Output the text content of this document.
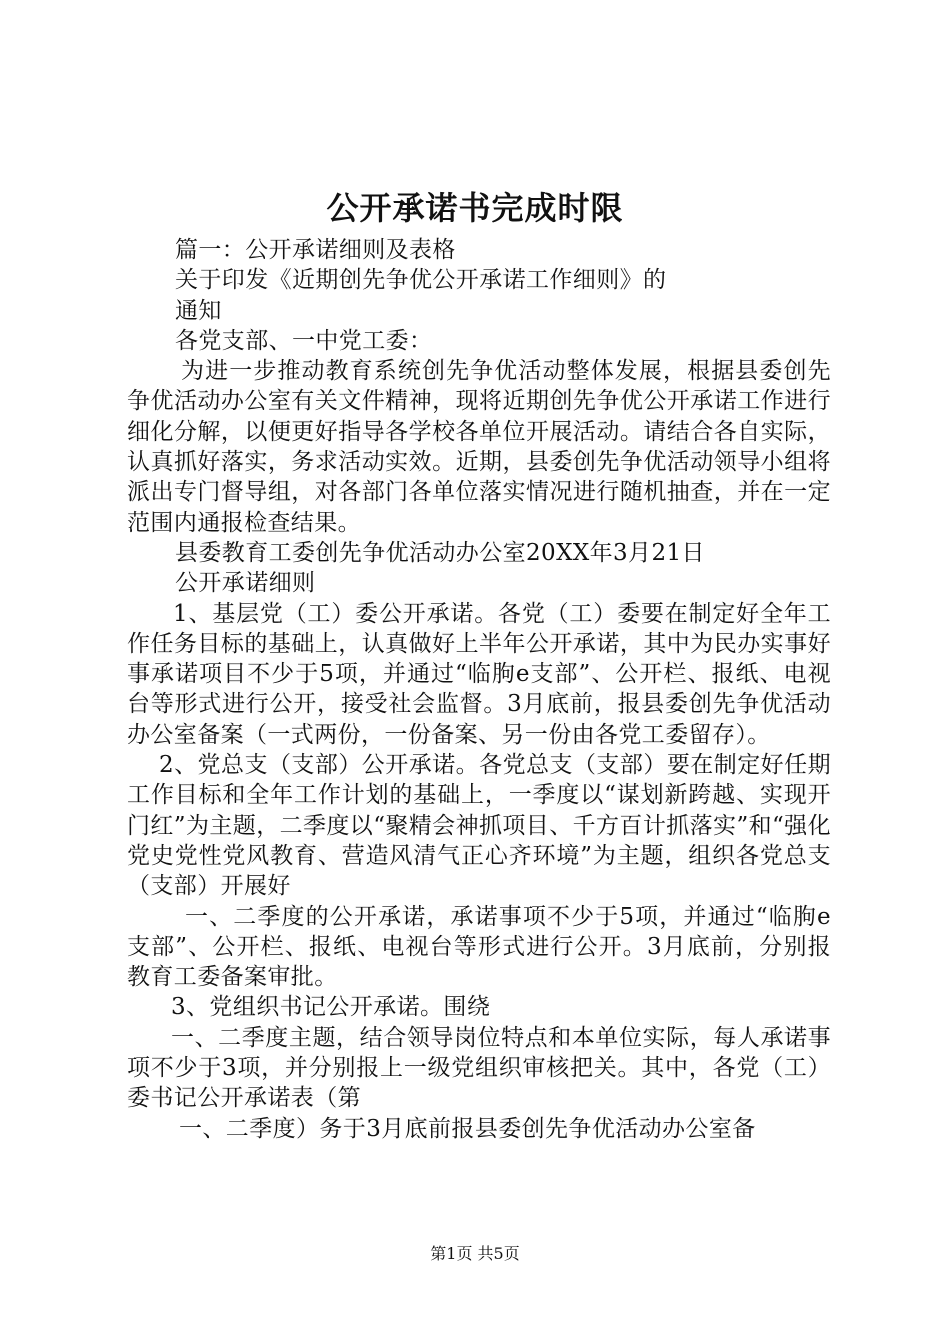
公开承诺书完成时限

篇一：公开承诺细则及表格

关于印发《近期创先争优公开承诺工作细则》的

通知

各党支部、一中党工委：

为进一步推动教育系统创先争优活动整体发展，根据县委创先争优活动办公室有关文件精神，现将近期创先争优公开承诺工作进行细化分解，以便更好指导各学校各单位开展活动。请结合各自实际，认真抓好落实，务求活动实效。近期，县委创先争优活动领导小组将派出专门督导组，对各部门各单位落实情况进行随机抽查，并在一定范围内通报检查结果。

县委教育工委创先争优活动办公室20XX年3月21日

公开承诺细则

1、基层党（工）委公开承诺。各党（工）委要在制定好全年工作任务目标的基础上，认真做好上半年公开承诺，其中为民办实事好事承诺项目不少于5项，并通过“临朐e支部”、公开栏、报纸、电视台等形式进行公开，接受社会监督。3月底前，报县委创先争优活动办公室备案（一式两份，一份备案、另一份由各党工委留存）。

2、党总支（支部）公开承诺。各党总支（支部）要在制定好任期工作目标和全年工作计划的基础上，一季度以“谋划新跨越、实现开门红”为主题，二季度以“聚精会神抓项目、千方百计抓落实”和“强化党史党性党风教育、营造风清气正心齐环境”为主题，组织各党总支（支部）开展好

一、二季度的公开承诺，承诺事项不少于5项，并通过“临朐e支部”、公开栏、报纸、电视台等形式进行公开。3月底前，分别报教育工委备案审批。

3、党组织书记公开承诺。围绕

一、二季度主题，结合领导岗位特点和本单位实际，每人承诺事项不少于3项，并分别报上一级党组织审核把关。其中，各党（工）委书记公开承诺表（第

一、二季度）务于3月底前报县委创先争优活动办公室备

第1页 共5页
